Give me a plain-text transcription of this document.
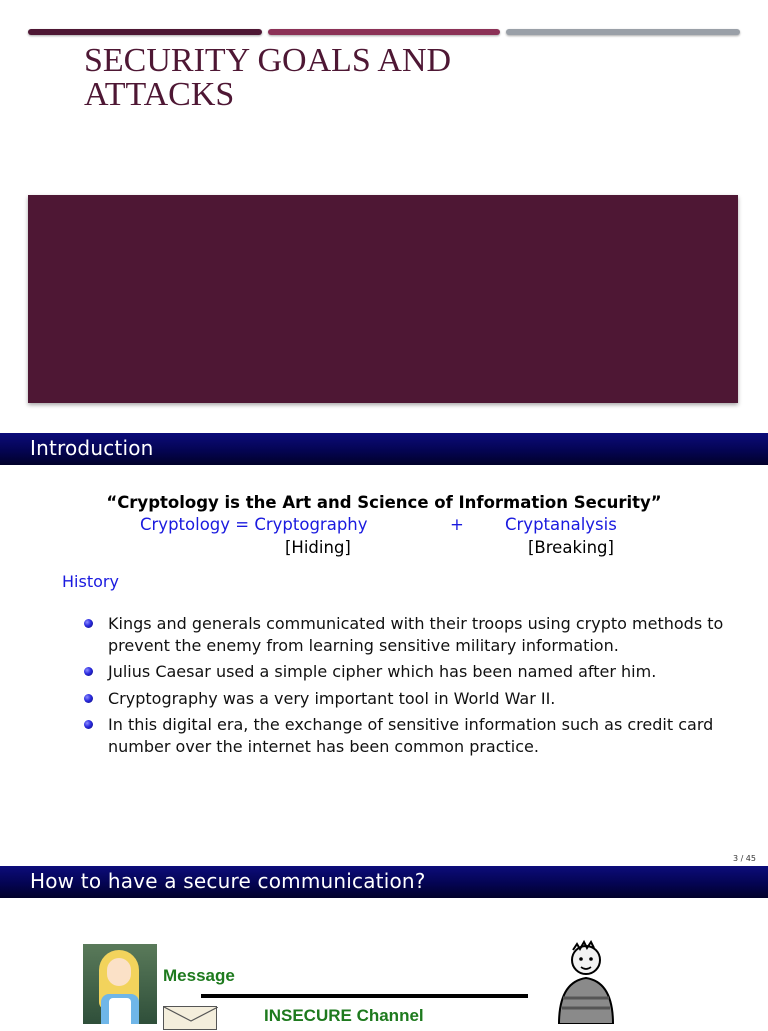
SECURITY GOALS AND
ATTACKS
Introduction
“Cryptology is the Art and Science of Information Security”
Cryptology = Cryptography	+ Cryptanalysis
[Hiding]	[Breaking]
History
Kings and generals communicated with their troops using crypto methods to prevent the enemy from learning sensitive military information.
Julius Caesar used a simple cipher which has been named after him.
Cryptography was a very important tool in World War II.
In this digital era, the exchange of sensitive information such as credit card number over the internet has been common practice.
3 / 45
How to have a secure communication?
Message
INSECURE Channel
